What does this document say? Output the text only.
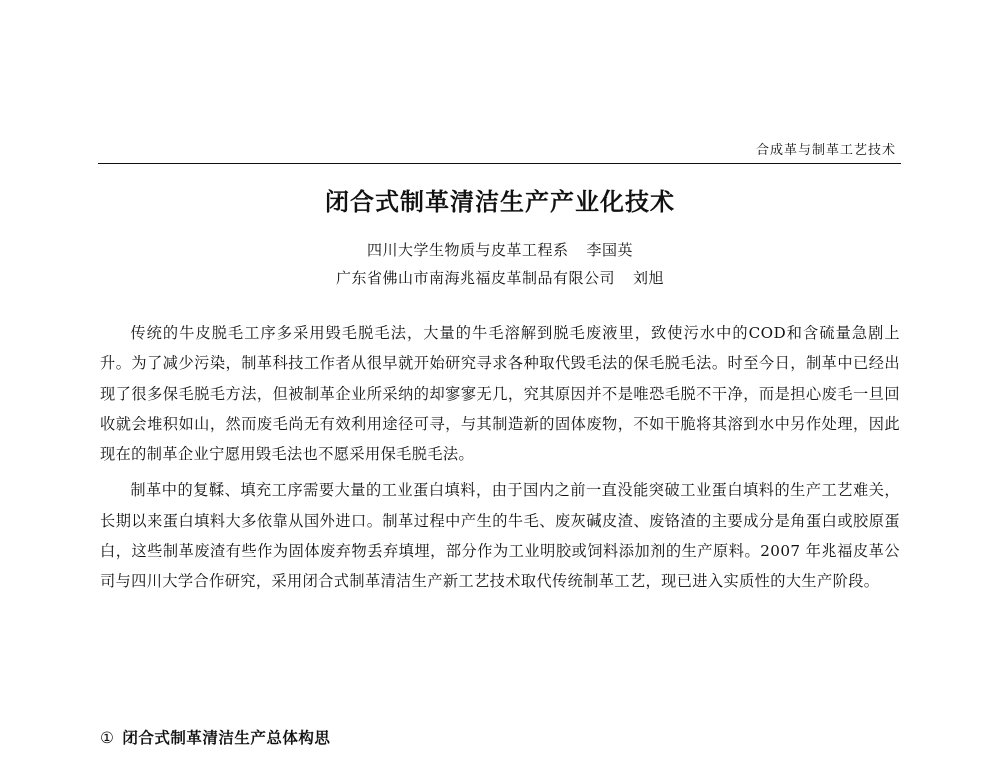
合成革与制革工艺技术
闭合式制革清洁生产产业化技术
四川大学生物质与皮革工程系 李国英
广东省佛山市南海兆福皮革制品有限公司 刘旭

传统的牛皮脱毛工序多采用毁毛脱毛法，大量的牛毛溶解到脱毛废液里，致使污水中的COD和含硫量急剧上升。为了减少污染，制革科技工作者从很早就开始研究寻求各种取代毁毛法的保毛脱毛法。时至今日，制革中已经出现了很多保毛脱毛方法，但被制革企业所采纳的却寥寥无几，究其原因并不是唯恐毛脱不干净，而是担心废毛一旦回收就会堆积如山，然而废毛尚无有效利用途径可寻，与其制造新的固体废物，不如干脆将其溶到水中另作处理，因此现在的制革企业宁愿用毁毛法也不愿采用保毛脱毛法。

制革中的复鞣、填充工序需要大量的工业蛋白填料，由于国内之前一直没能突破工业蛋白填料的生产工艺难关，长期以来蛋白填料大多依靠从国外进口。制革过程中产生的牛毛、废灰碱皮渣、废铬渣的主要成分是角蛋白或胶原蛋白，这些制革废渣有些作为固体废弃物丢弃填埋，部分作为工业明胶或饲料添加剂的生产原料。2007 年兆福皮革公司与四川大学合作研究，采用闭合式制革清洁生产新工艺技术取代传统制革工艺，现已进入实质性的大生产阶段。

① 闭合式制革清洁生产总体构思
